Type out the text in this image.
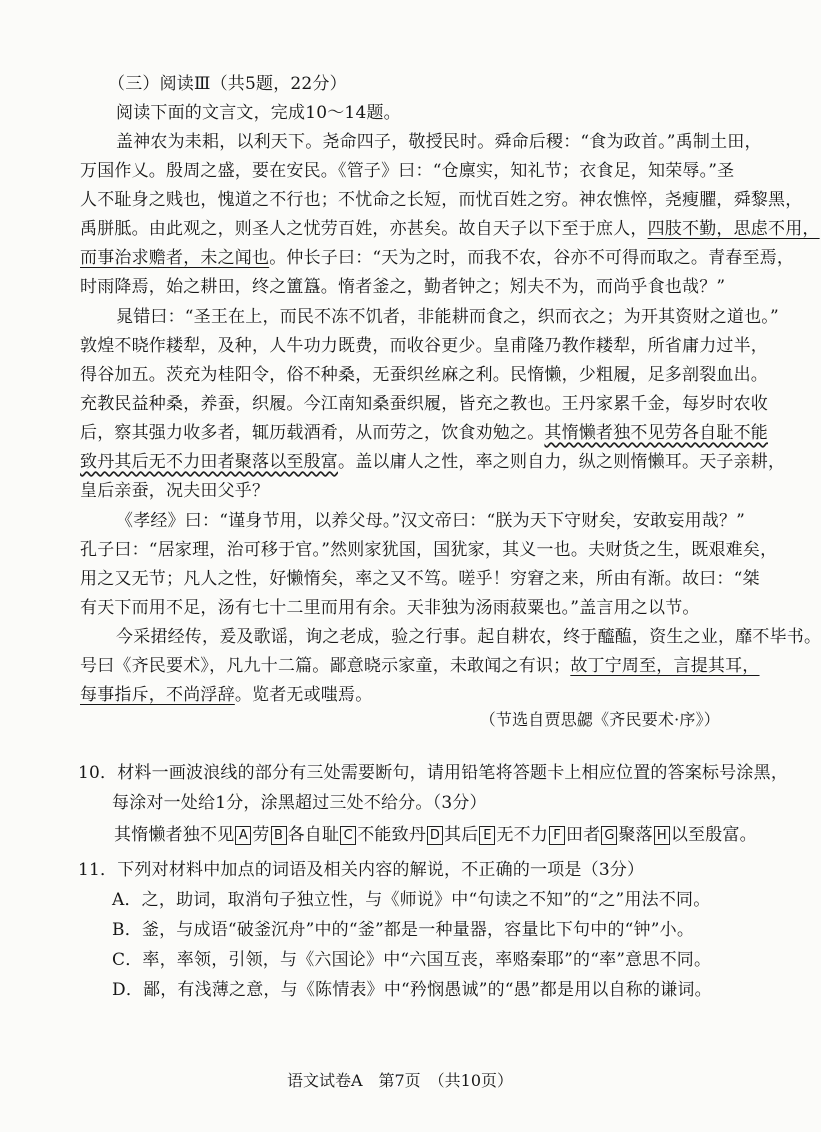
（三）阅读Ⅲ（共5题，22分）
阅读下面的文言文，完成10～14题。
盖神农为耒耜，以利天下。尧命四子，敬授民时。舜命后稷：“食为政首。”禹制土田，
万国作乂。殷周之盛，要在安民。《管子》曰：“仓廪实，知礼节；衣食足，知荣辱。”圣
人不耻身之贱也，愧道之不行也；不忧命之长短，而忧百姓之穷。神农憔悴，尧瘦臞，舜黎黑，
禹胼胝。由此观之，则圣人之忧劳百姓，亦甚矣。故自天子以下至于庶人，四肢不勤，思虑不用，
而事治求赡者，未之闻也。仲长子曰：“天为之时，而我不农，谷亦不可得而取之。青春至焉，
时雨降焉，始之耕田，终之簠簋。惰者釜之，勤者钟之；矧夫不为，而尚乎食也哉？”
晁错曰：“圣王在上，而民不冻不饥者，非能耕而食之，织而衣之；为开其资财之道也。”
敦煌不晓作耧犁，及种，人牛功力既费，而收谷更少。皇甫隆乃教作耧犁，所省庸力过半，
得谷加五。茨充为桂阳令，俗不种桑，无蚕织丝麻之利。民惰懒，少粗履，足多剖裂血出。
充教民益种桑，养蚕，织履。今江南知桑蚕织履，皆充之教也。王丹家累千金，每岁时农收
后，察其强力收多者，辄历载酒肴，从而劳之，饮食劝勉之。其惰懒者独不见劳各自耻不能
致丹其后无不力田者聚落以至殷富。盖以庸人之性，率之则自力，纵之则惰懒耳。天子亲耕，
皇后亲蚕，况夫田父乎？
《孝经》曰：“谨身节用，以养父母。”汉文帝曰：“朕为天下守财矣，安敢妄用哉？”
孔子曰：“居家理，治可移于官。”然则家犹国，国犹家，其义一也。夫财货之生，既艰难矣，
用之又无节；凡人之性，好懒惰矣，率之又不笃。嗟乎！穷窘之来，所由有渐。故曰：“桀
有天下而用不足，汤有七十二里而用有余。天非独为汤雨菽粟也。”盖言用之以节。
今采捃经传，爰及歌谣，询之老成，验之行事。起自耕农，终于醯醢，资生之业，靡不毕书。
号曰《齐民要术》，凡九十二篇。鄙意晓示家童，未敢闻之有识；故丁宁周至，言提其耳，
每事指斥，不尚浮辞。览者无或嗤焉。
（节选自贾思勰《齐民要术·序》）
10．材料一画波浪线的部分有三处需要断句，请用铅笔将答题卡上相应位置的答案标号涂黑，
每涂对一处给1分，涂黑超过三处不给分。（3分）
其惰懒者独不见 A 劳 B 各自耻 C 不能致丹 D 其后 E 无不力 F 田者 G 聚落 H 以至殷富。
11．下列对材料中加点的词语及相关内容的解说，不正确的一项是（3分）
A．之，助词，取消句子独立性，与《师说》中“句读之不知”的“之”用法不同。
B．釜，与成语“破釜沉舟”中的“釜”都是一种量器，容量比下句中的“钟”小。
C．率，率领，引领，与《六国论》中“六国互丧，率赂秦耶”的“率”意思不同。
D．鄙，有浅薄之意，与《陈情表》中“矜悯愚诚”的“愚”都是用以自称的谦词。
语文试卷A　第7页　（共10页）
